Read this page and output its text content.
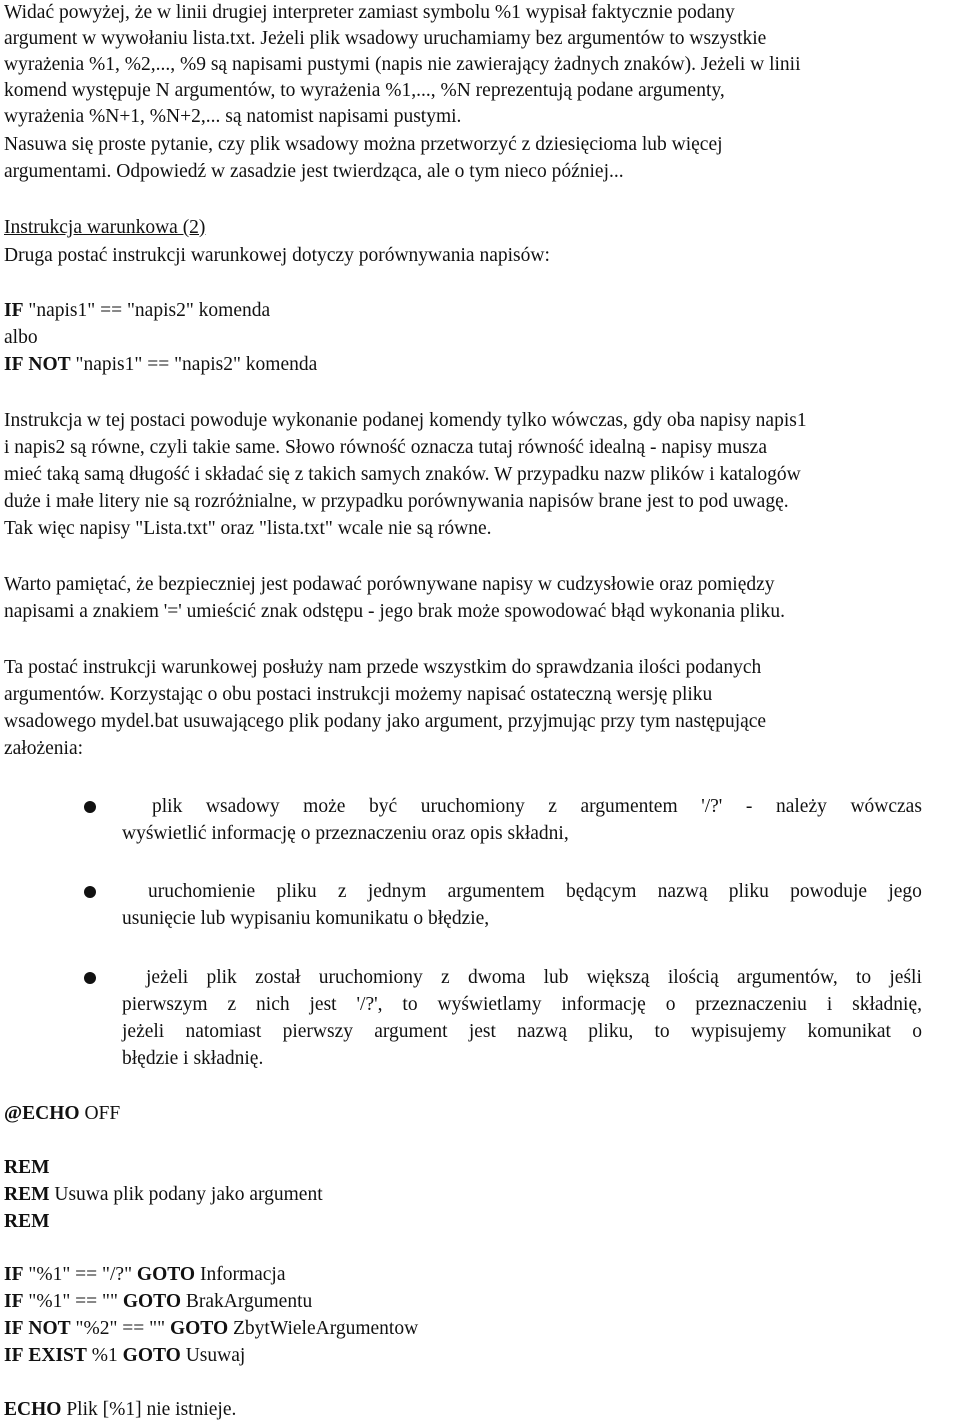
Widać powyżej, że w linii drugiej interpreter zamiast symbolu %1 wypisał faktycznie podany
argument w wywołaniu lista.txt. Jeżeli plik wsadowy uruchamiamy bez argumentów to wszystkie
wyrażenia %1, %2,..., %9 są napisami pustymi (napis nie zawierający żadnych znaków). Jeżeli w linii
komend występuje N argumentów, to wyrażenia %1,..., %N reprezentują podane argumenty,
wyrażenia %N+1, %N+2,... są natomist napisami pustymi.
Nasuwa się proste pytanie, czy plik wsadowy można przetworzyć z dziesięcioma lub więcej
argumentami. Odpowiedź w zasadzie jest twierdząca, ale o tym nieco później...
Instrukcja warunkowa (2)
Druga postać instrukcji warunkowej dotyczy porównywania napisów:
IF "napis1" == "napis2" komenda
albo
IF NOT "napis1" == "napis2" komenda
Instrukcja w tej postaci powoduje wykonanie podanej komendy tylko wówczas, gdy oba napisy napis1
i napis2 są równe, czyli takie same. Słowo równość oznacza tutaj równość idealną - napisy musza
mieć taką samą długość i składać się z takich samych znaków. W przypadku nazw plików i katalogów
duże i małe litery nie są rozróżnialne, w przypadku porównywania napisów brane jest to pod uwagę.
Tak więc napisy "Lista.txt" oraz "lista.txt" wcale nie są równe.
Warto pamiętać, że bezpieczniej jest podawać porównywane napisy w cudzysłowie oraz pomiędzy
napisami a znakiem '=' umieścić znak odstępu - jego brak może spowodować błąd wykonania pliku.
Ta postać instrukcji warunkowej posłuży nam przede wszystkim do sprawdzania ilości podanych
argumentów. Korzystając o obu postaci instrukcji możemy napisać ostateczną wersję pliku
wsadowego mydel.bat usuwającego plik podany jako argument, przyjmując przy tym następujące
założenia:
plik wsadowy może być uruchomiony z argumentem '/?' - należy wówczas
wyświetlić informację o przeznaczeniu oraz opis składni,
uruchomienie pliku z jednym argumentem będącym nazwą pliku powoduje jego
usunięcie lub wypisaniu komunikatu o błędzie,
jeżeli plik został uruchomiony z dwoma lub większą ilością argumentów, to jeśli
pierwszym z nich jest '/?', to wyświetlamy informację o przeznaczeniu i składnię,
jeżeli natomiast pierwszy argument jest nazwą pliku, to wypisujemy komunikat o
błędzie i składnię.
@ECHO OFF
REM
REM Usuwa plik podany jako argument
REM
IF "%1" == "/?" GOTO Informacja
IF "%1" == "" GOTO BrakArgumentu
IF NOT "%2" == "" GOTO ZbytWieleArgumentow
IF EXIST %1 GOTO Usuwaj
ECHO Plik [%1] nie istnieje.
